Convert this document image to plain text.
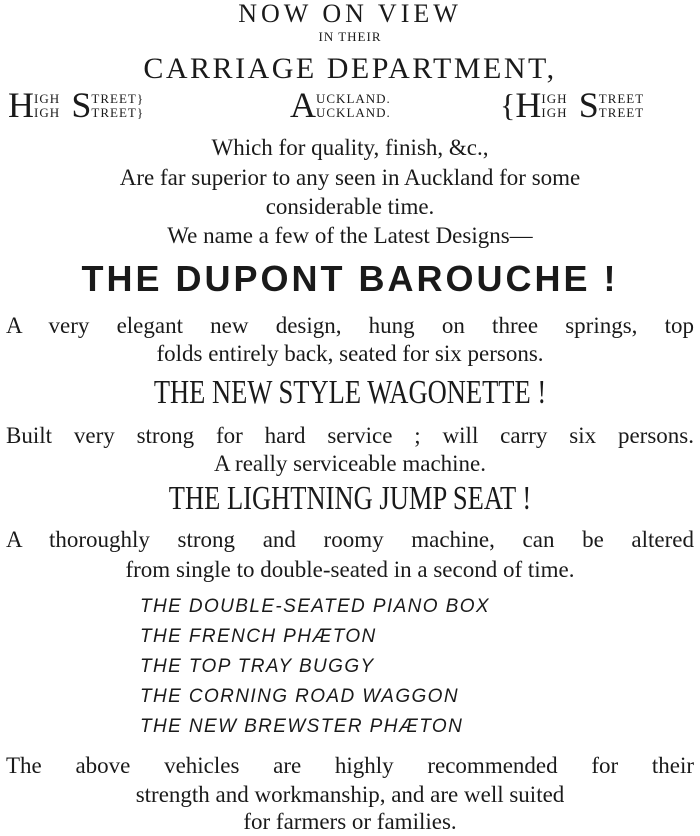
NOW ON VIEW
IN THEIR
CARRIAGE DEPARTMENT,
HIGH
IGH STREET}
TREET}	AUCKLAND.
UCKLAND.	{HIGH
IGH STREET
TREET
Which for quality, finish, &c.,
Are far superior to any seen in Auckland for some
considerable time.
We name a few of the Latest Designs—
THE DUPONT BAROUCHE !
A very elegant new design, hung on three springs, top
folds entirely back, seated for six persons.
THE NEW STYLE WAGONETTE !
Built very strong for hard service ; will carry six persons.
A really serviceable machine.
THE LIGHTNING JUMP SEAT !
A thoroughly strong and roomy machine, can be altered
from single to double-seated in a second of time.
THE DOUBLE-SEATED PIANO BOX
THE FRENCH PHÆTON
THE TOP TRAY BUGGY
THE CORNING ROAD WAGGON
THE NEW BREWSTER PHÆTON
The above vehicles are highly recommended for their
strength and workmanship, and are well suited
for farmers or families.
